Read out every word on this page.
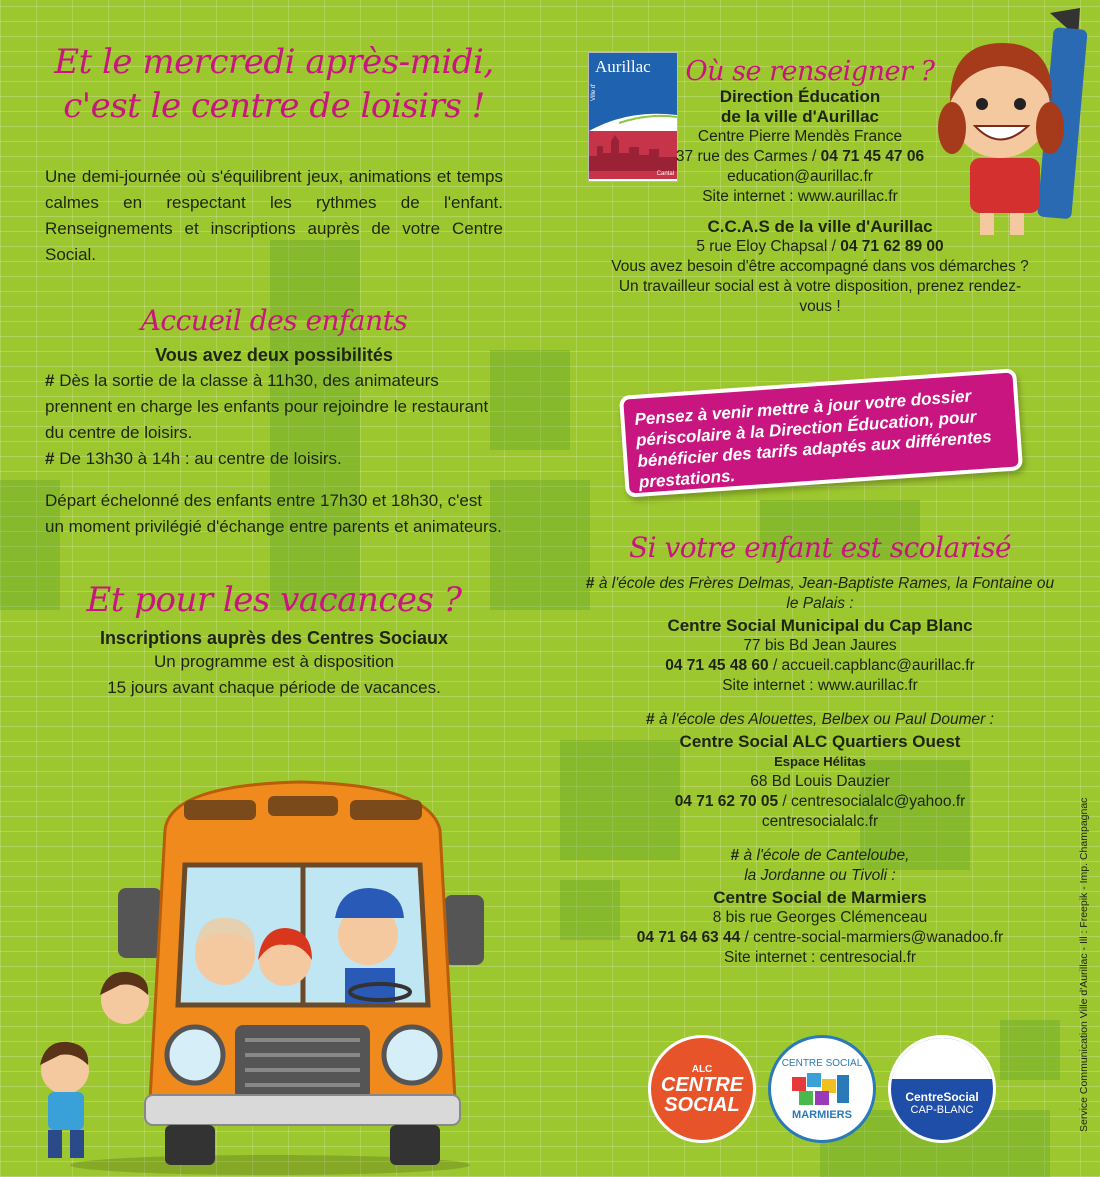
Et le mercredi après-midi,
c'est le centre de loisirs !

Une demi-journée où s'équilibrent jeux, animations et temps calmes en respectant les rythmes de l'enfant. Renseignements et inscriptions auprès de votre Centre Social.

Accueil des enfants
Vous avez deux possibilités

# Dès la sortie de la classe à 11h30, des animateurs prennent en charge les enfants pour rejoindre le restaurant du centre de loisirs.

# De 13h30 à 14h : au centre de loisirs.

Départ échelonné des enfants entre 17h30 et 18h30, c'est un moment privilégié d'échange entre parents et animateurs.

Et pour les vacances ?
Inscriptions auprès des Centres Sociaux
Un programme est à disposition
15 jours avant chaque période de vacances.
Aurillac
Ville d'
Cantal
Où se renseigner ?
Direction Éducation
de la ville d'Aurillac
Centre Pierre Mendès France
37 rue des Carmes / 04 71 45 47 06
education@aurillac.fr
Site internet : www.aurillac.fr
C.C.A.S de la ville d'Aurillac
5 rue Eloy Chapsal / 04 71 62 89 00
Vous avez besoin d'être accompagné dans vos démarches ? Un travailleur social est à votre disposition, prenez rendez-vous !
Pensez à venir mettre à jour votre dossier périscolaire à la Direction Éducation, pour bénéficier des tarifs adaptés aux différentes prestations.
Si votre enfant est scolarisé
# à l'école des Frères Delmas, Jean-Baptiste Rames, la Fontaine ou le Palais :
Centre Social Municipal du Cap Blanc
77 bis Bd Jean Jaures
04 71 45 48 60 / accueil.capblanc@aurillac.fr
Site internet : www.aurillac.fr
# à l'école des Alouettes, Belbex ou Paul Doumer :
Centre Social ALC Quartiers Ouest
Espace Hélitas
68 Bd Louis Dauzier
04 71 62 70 05 / centresocialalc@yahoo.fr
centresocialalc.fr
# à l'école de Canteloube,
la Jordanne ou Tivoli :
Centre Social de Marmiers
8 bis rue Georges Clémenceau
04 71 64 63 44 / centre-social-marmiers@wanadoo.fr
Site internet : centresocial.fr
ALC
CENTRE
SOCIAL
CENTRE SOCIAL
MARMIERS
CentreSocial
CAP-BLANC	Service Communication Ville d'Aurillac - Ill : Freepik - Imp. Champagnac
